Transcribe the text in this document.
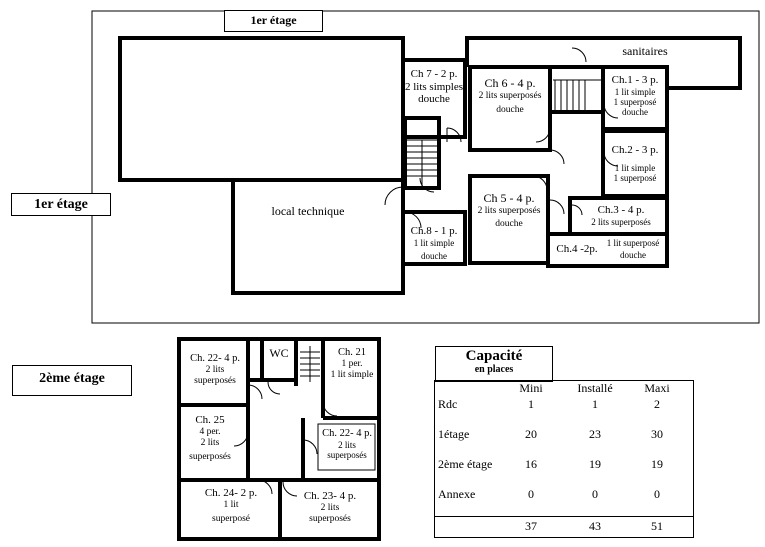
1er étage
1er étage
Ch 7 - 2 p.
2 lits simples
douche
Ch 6 - 4 p.
2 lits superposés
douche
sanitaires
Ch.1 - 3 p.
1 lit simple
1 superposé
douche
Ch.2 - 3 p.
1 lit simple
1 superposé
Ch 5 - 4 p.
2 lits superposés
douche
Ch.3 - 4 p.
2 lits superposés
Ch.4 -2p.	1 lit superposé
douche
Ch.8 - 1 p.
1 lit simple
douche
local technique
2ème étage
Ch. 22- 4 p.
2 lits
superposés
WC	Ch. 21
1 per.
1 lit simple
Ch. 25
4 per.
2 lits
superposés
Ch. 22- 4 p.
2 lits
superposés
Ch. 24- 2 p.
1 lit
superposé
Ch. 23- 4 p.
2 lits
superposés
Capacité
en places
Mini	Installé	Maxi
Rdc	1	1	2
1étage	20	23	30
2ème étage	16	19	19
Annexe	0	0	0
37	43	51
